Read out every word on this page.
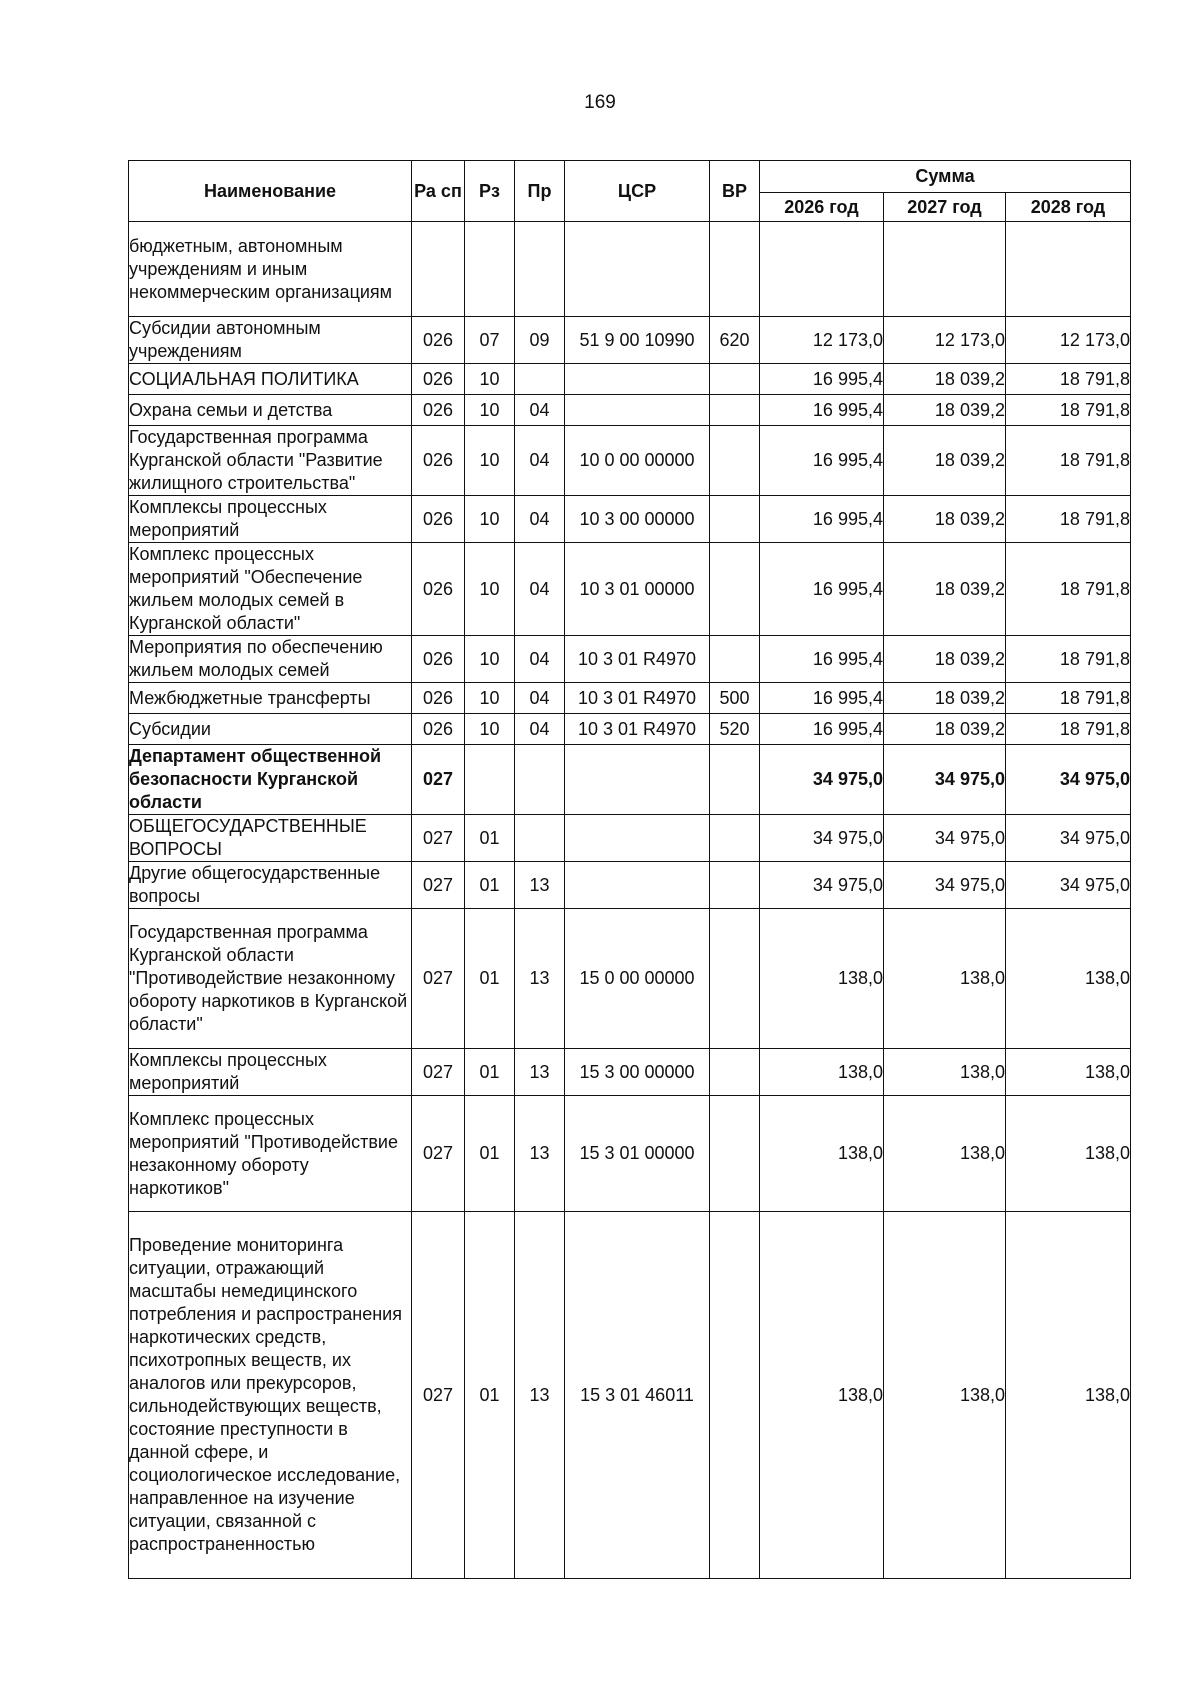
169
Наименование	Ра сп	Рз	Пр	ЦСР	ВР	Сумма		
						2026 год	2027 год	2028 год
бюджетным, автономным учреждениям и иным некоммерческим организациям								
Субсидии автономным учреждениям	026	07	09	51 9 00 10990	620	12 173,0	12 173,0	12 173,0
СОЦИАЛЬНАЯ ПОЛИТИКА	026	10				16 995,4	18 039,2	18 791,8
Охрана семьи и детства	026	10	04			16 995,4	18 039,2	18 791,8
Государственная программа Курганской области "Развитие жилищного строительства"	026	10	04	10 0 00 00000		16 995,4	18 039,2	18 791,8
Комплексы процессных мероприятий	026	10	04	10 3 00 00000		16 995,4	18 039,2	18 791,8
Комплекс процессных мероприятий "Обеспечение жильем молодых семей в Курганской области"	026	10	04	10 3 01 00000		16 995,4	18 039,2	18 791,8
Мероприятия по обеспечению жильем молодых семей	026	10	04	10 3 01 R4970		16 995,4	18 039,2	18 791,8
Межбюджетные трансферты	026	10	04	10 3 01 R4970	500	16 995,4	18 039,2	18 791,8
Субсидии	026	10	04	10 3 01 R4970	520	16 995,4	18 039,2	18 791,8
Департамент общественной безопасности Курганской области	027					34 975,0	34 975,0	34 975,0
ОБЩЕГОСУДАРСТВЕННЫЕ ВОПРОСЫ	027	01				34 975,0	34 975,0	34 975,0
Другие общегосударственные вопросы	027	01	13			34 975,0	34 975,0	34 975,0
Государственная программа Курганской области "Противодействие незаконному обороту наркотиков в Курганской области"	027	01	13	15 0 00 00000		138,0	138,0	138,0
Комплексы процессных мероприятий	027	01	13	15 3 00 00000		138,0	138,0	138,0
Комплекс процессных мероприятий "Противодействие незаконному обороту наркотиков"	027	01	13	15 3 01 00000		138,0	138,0	138,0
Проведение мониторинга ситуации, отражающий масштабы немедицинского потребления и распространения наркотических средств, психотропных веществ, их аналогов или прекурсоров, сильнодействующих веществ, состояние преступности в данной сфере, и социологическое исследование, направленное на изучение ситуации, связанной с распространенностью	027	01	13	15 3 01 46011		138,0	138,0	138,0
